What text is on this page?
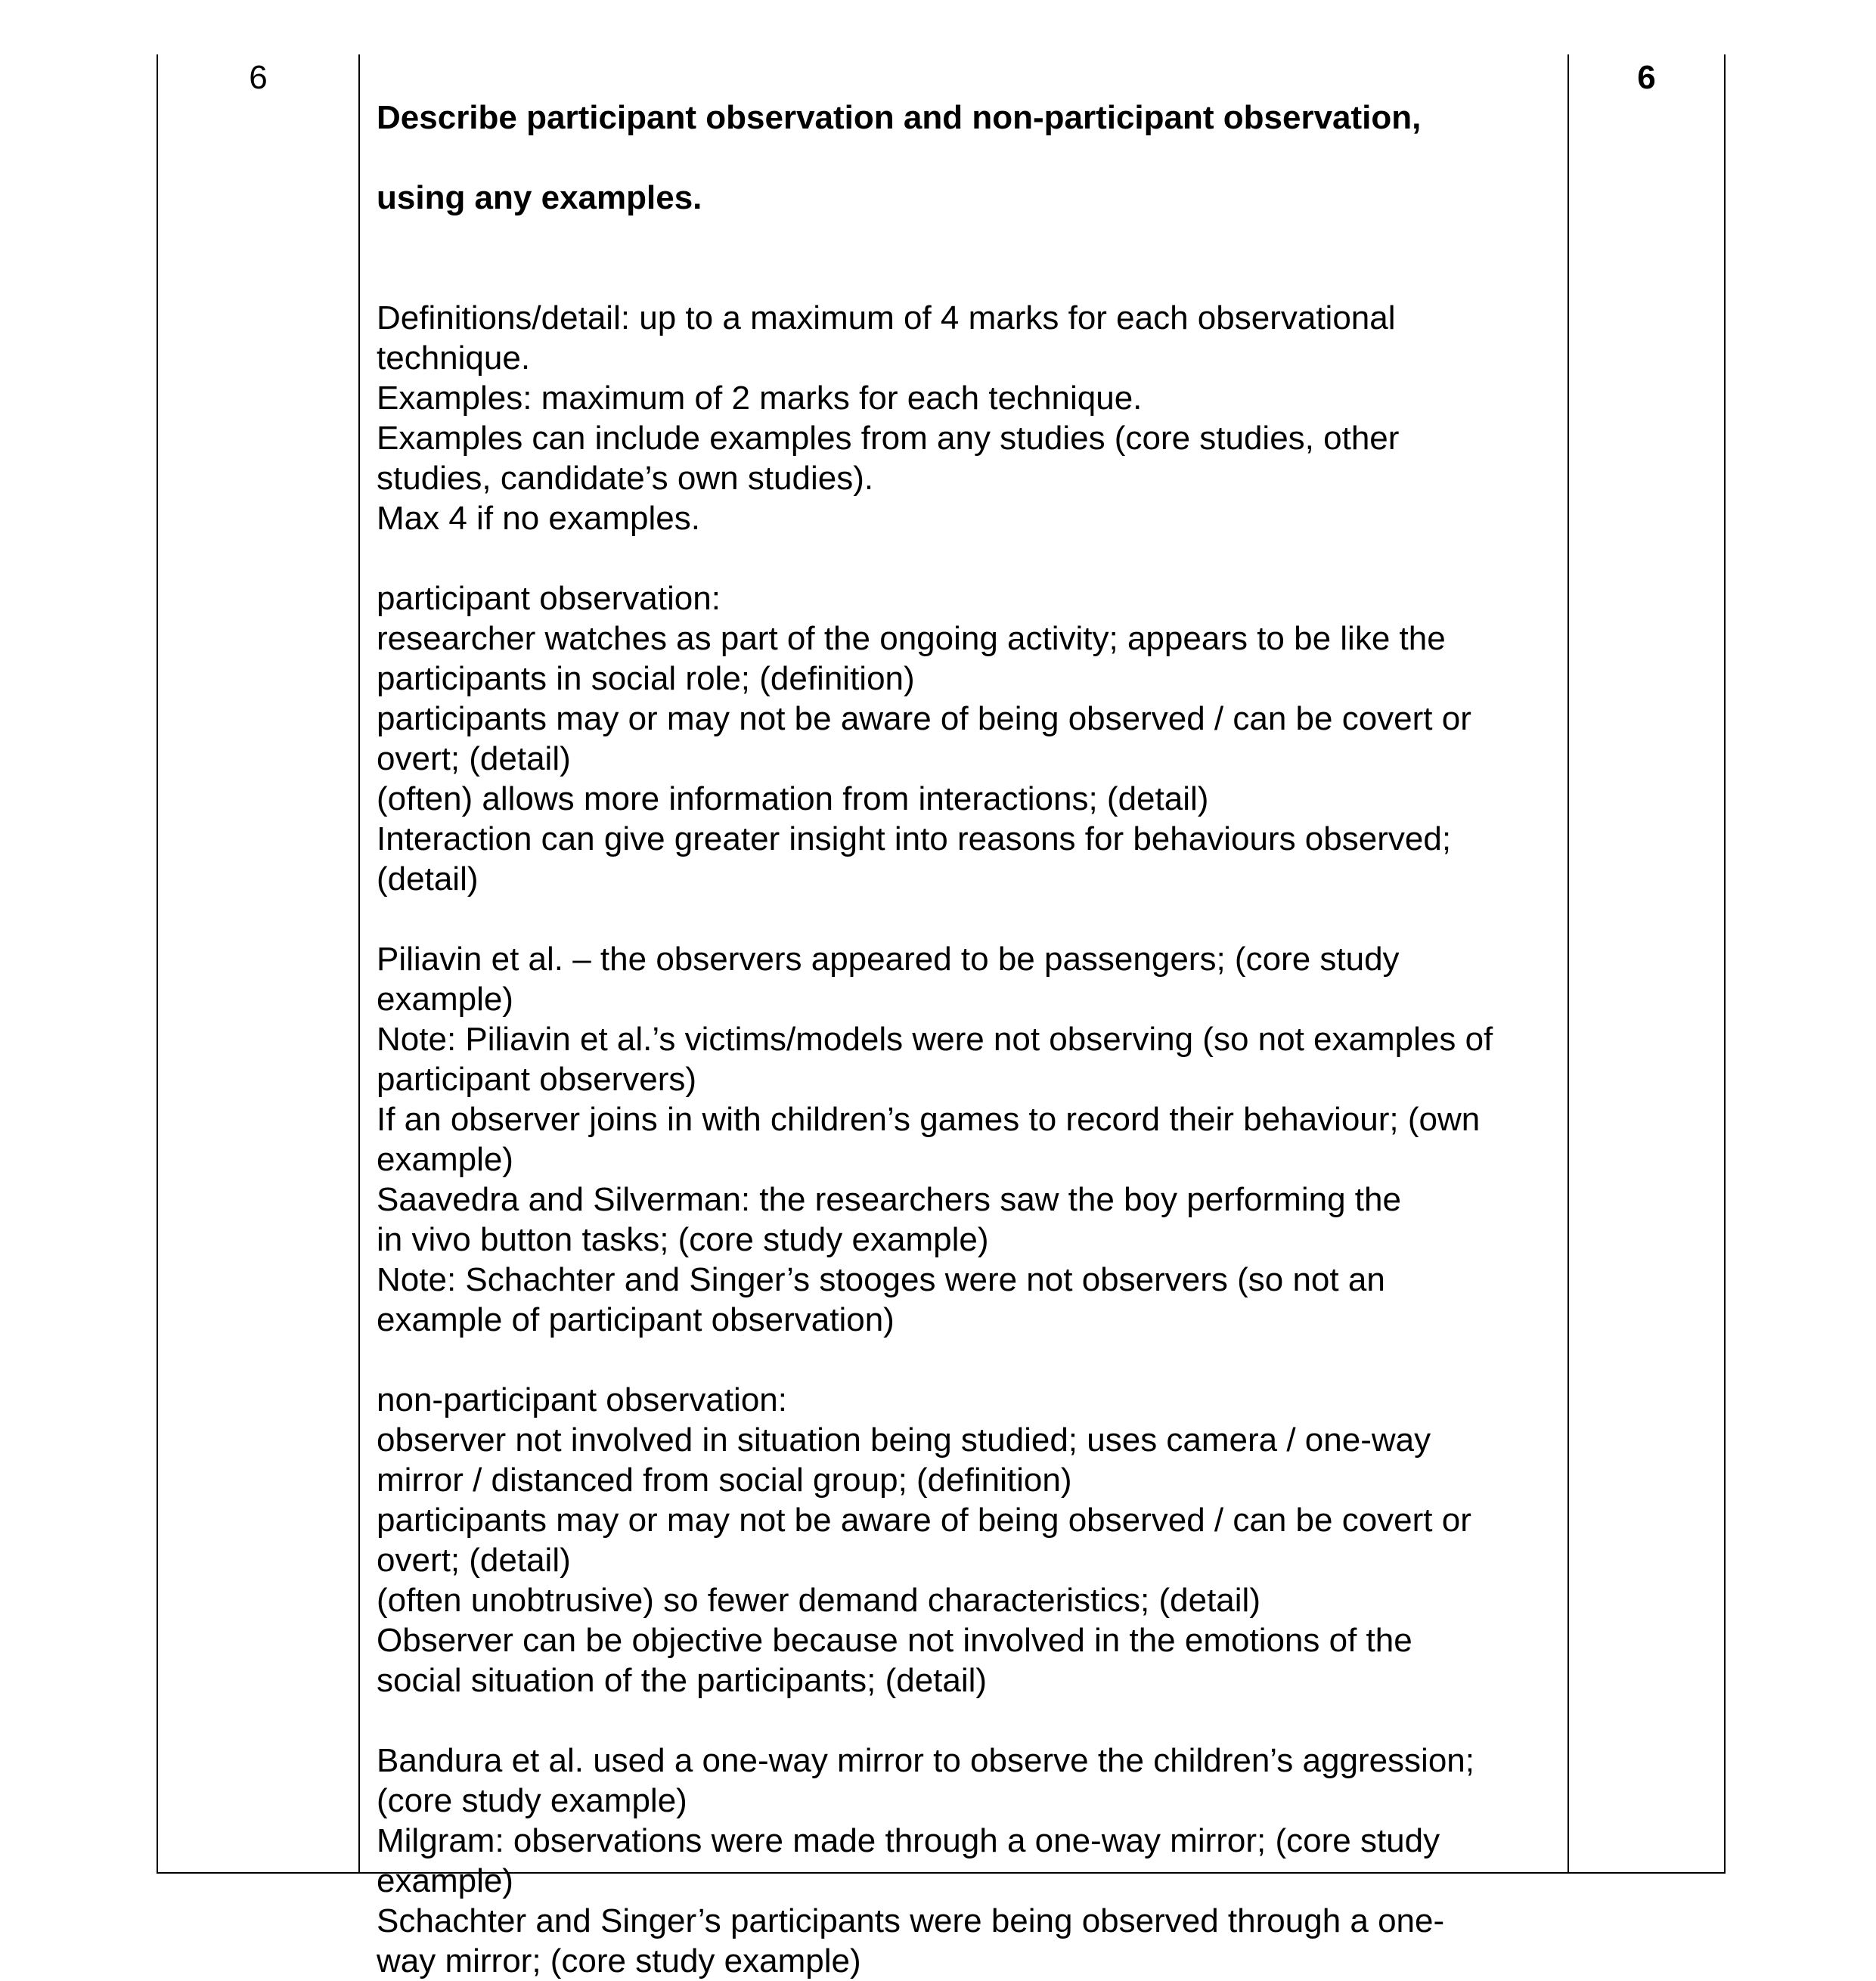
6

Describe participant observation and non-participant observation,

using any examples.

Definitions/detail: up to a maximum of 4 marks for each observational
technique.
Examples: maximum of 2 marks for each technique.
Examples can include examples from any studies (core studies, other
studies, candidate’s own studies).
Max 4 if no examples.
participant observation:
researcher watches as part of the ongoing activity; appears to be like the
participants in social role; (definition)
participants may or may not be aware of being observed / can be covert or
overt; (detail)
(often) allows more information from interactions; (detail)
Interaction can give greater insight into reasons for behaviours observed;
(detail)
Piliavin et al. – the observers appeared to be passengers; (core study
example)
Note: Piliavin et al.’s victims/models were not observing (so not examples of
participant observers)
If an observer joins in with children’s games to record their behaviour; (own
example)
Saavedra and Silverman: the researchers saw the boy performing the
in vivo button tasks; (core study example)
Note: Schachter and Singer’s stooges were not observers (so not an
example of participant observation)
non-participant observation:
observer not involved in situation being studied; uses camera / one-way
mirror / distanced from social group; (definition)
participants may or may not be aware of being observed / can be covert or
overt; (detail)
(often unobtrusive) so fewer demand characteristics; (detail)
Observer can be objective because not involved in the emotions of the
social situation of the participants; (detail)
Bandura et al. used a one-way mirror to observe the children’s aggression;
(core study example)
Milgram: observations were made through a one-way mirror; (core study
example)
Schachter and Singer’s participants were being observed through a one-
way mirror; (core study example)
6
